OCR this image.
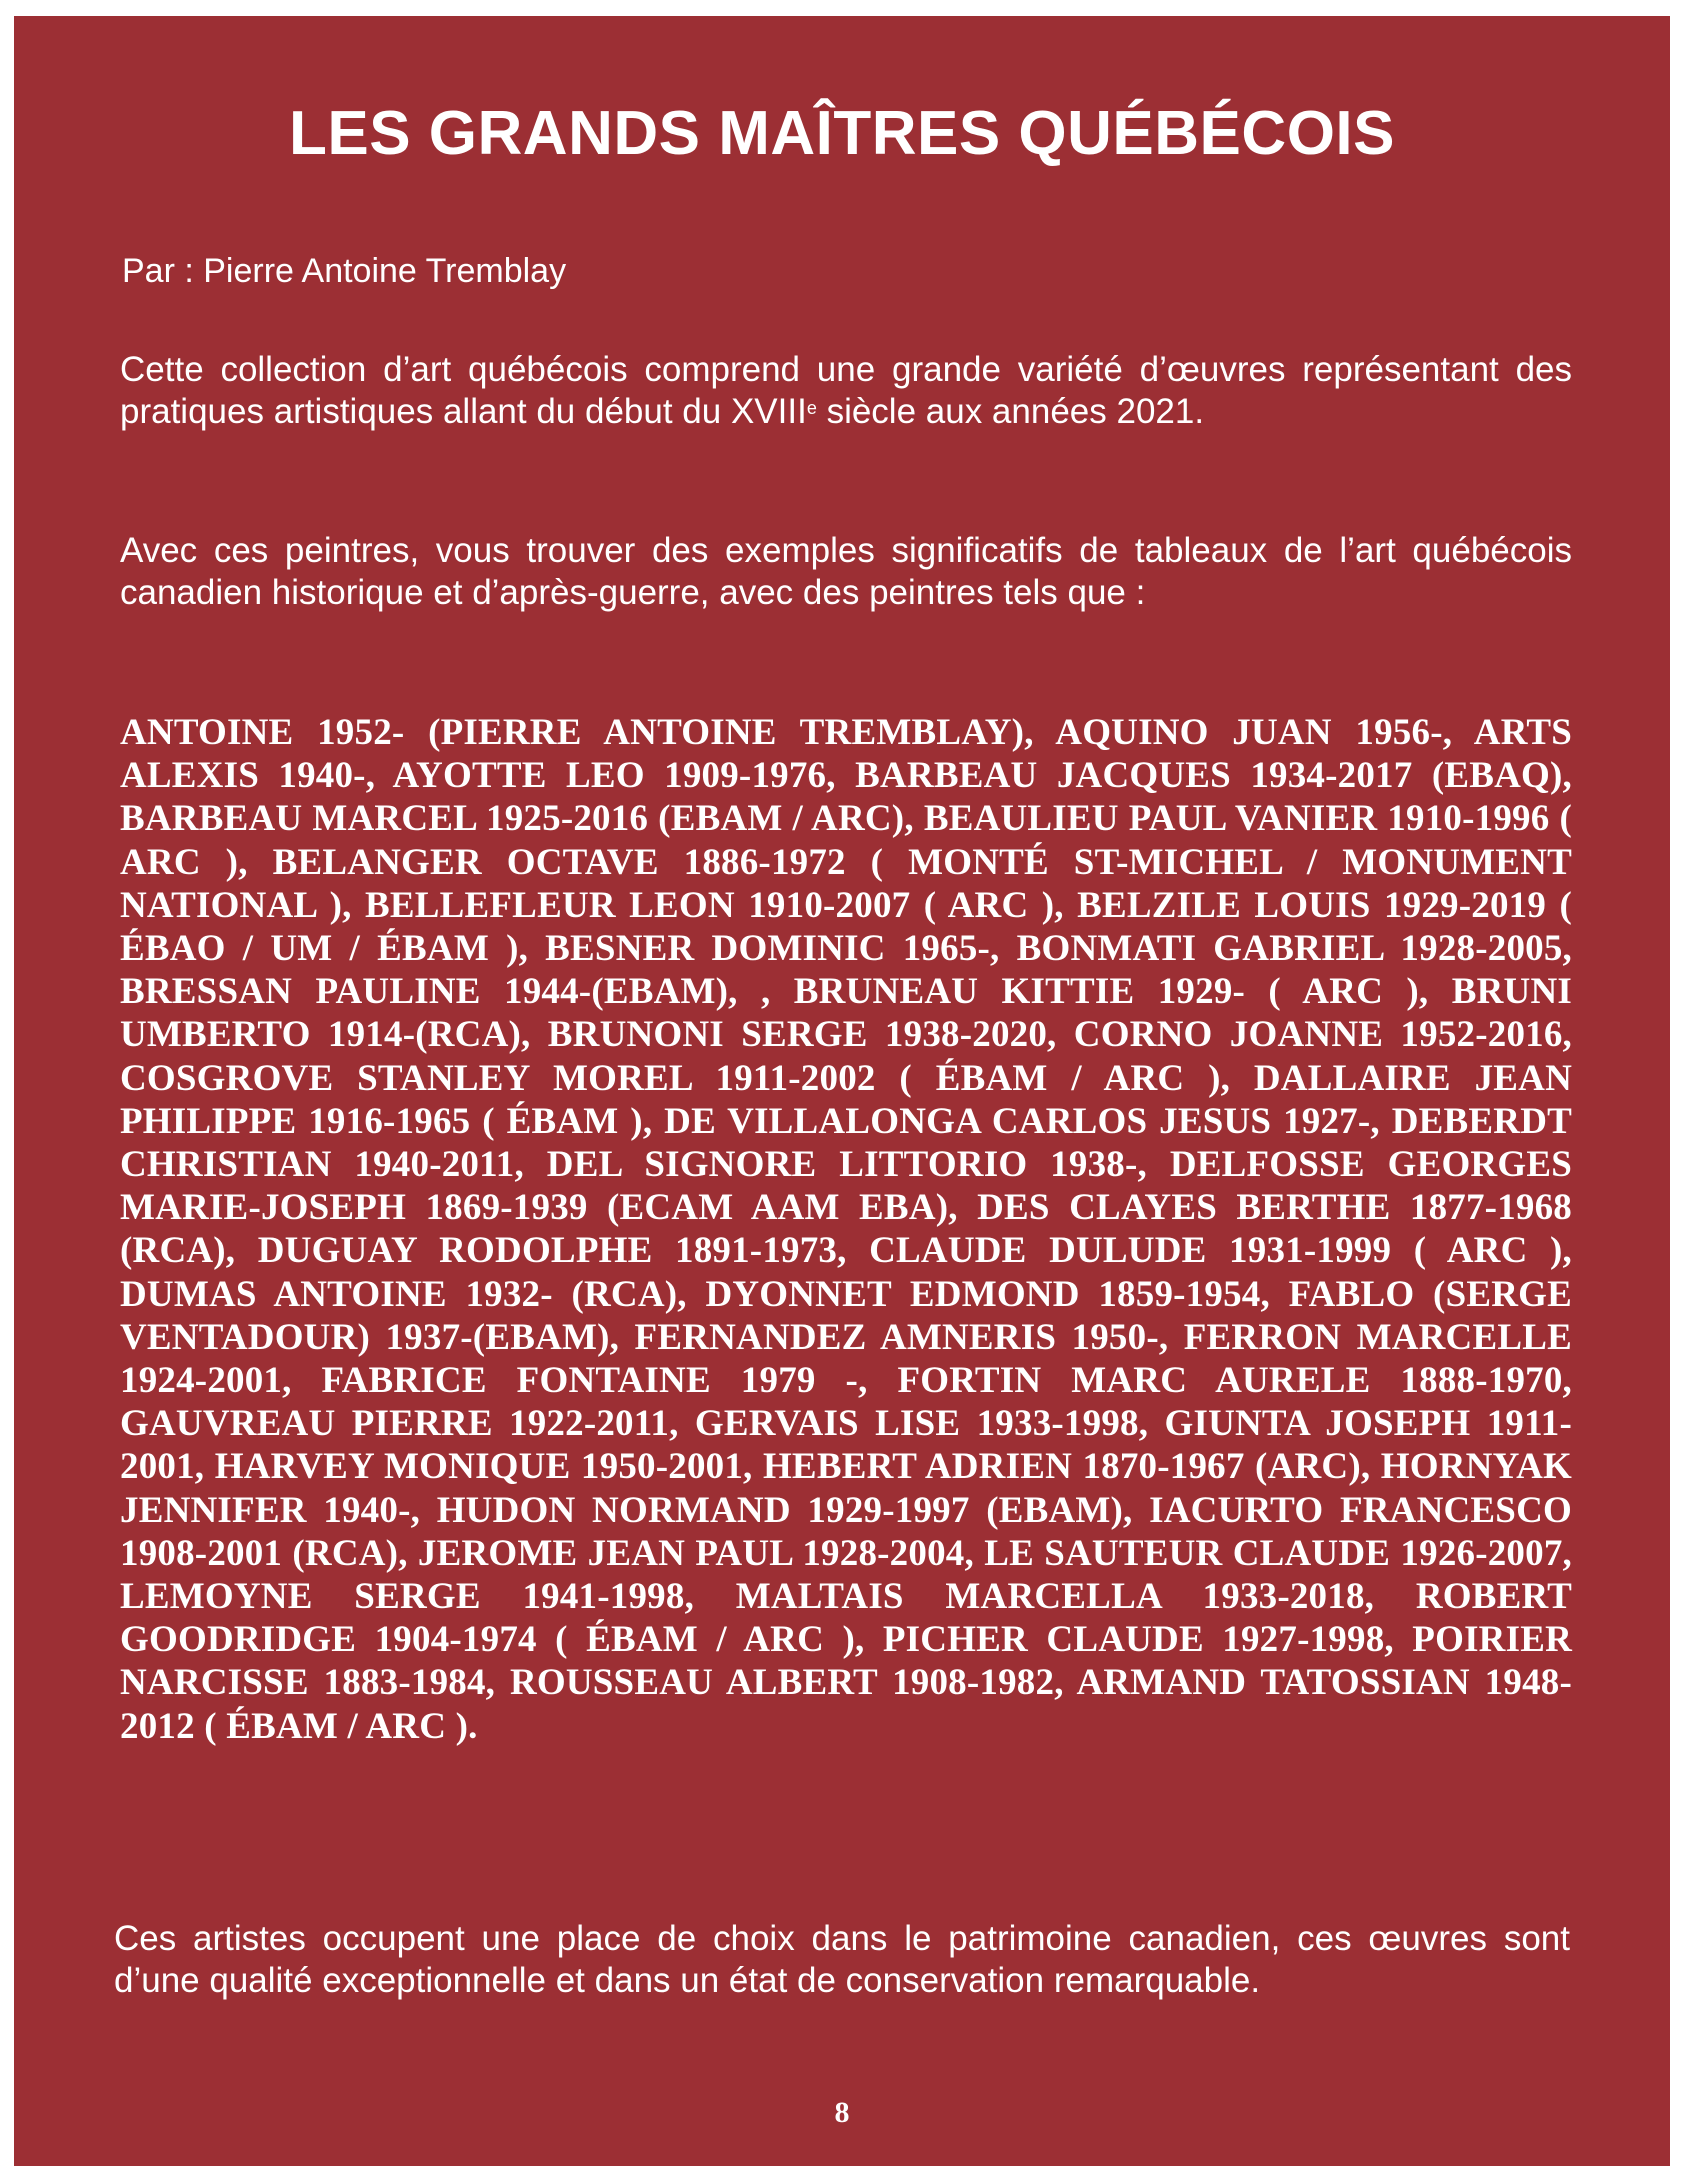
LES GRANDS MAÎTRES QUÉBÉCOIS
Par : Pierre Antoine Tremblay

Cette collection d’art québécois comprend une grande variété d’œuvres représentant des pratiques artistiques allant du début du XVIIIe siècle aux années 2021.

Avec ces peintres, vous trouver des exemples significatifs de tableaux de l’art québécois canadien historique et d’après-guerre, avec des peintres tels que :

ANTOINE 1952- (PIERRE ANTOINE TREMBLAY), AQUINO JUAN 1956-, ARTS ALEXIS 1940-, AYOTTE LEO 1909-1976, BARBEAU JACQUES 1934-2017 (EBAQ), BARBEAU MARCEL 1925-2016 (EBAM / ARC), BEAULIEU PAUL VANIER 1910-1996 ( ARC ), BELANGER OCTAVE 1886-1972 ( MONTÉ ST-MICHEL / MONUMENT NATIONAL ), BELLEFLEUR LEON 1910-2007 ( ARC ), BELZILE LOUIS 1929-2019 ( ÉBAO / UM / ÉBAM ), BESNER DOMINIC 1965-, BONMATI GABRIEL 1928-2005, BRESSAN PAULINE 1944-(EBAM), , BRUNEAU KITTIE 1929- ( ARC ), BRUNI UMBERTO 1914-(RCA), BRUNONI SERGE 1938-2020, CORNO JOANNE 1952-2016, COSGROVE STANLEY MOREL 1911-2002 ( ÉBAM / ARC ), DALLAIRE JEAN PHILIPPE 1916-1965 ( ÉBAM ), DE VILLALONGA CARLOS JESUS 1927-, DEBERDT CHRISTIAN 1940-2011, DEL SIGNORE LITTORIO 1938-, DELFOSSE GEORGES MARIE-JOSEPH 1869-1939 (ECAM AAM EBA), DES CLAYES BERTHE 1877-1968 (RCA), DUGUAY RODOLPHE 1891-1973, CLAUDE DULUDE 1931-1999 ( ARC ), DUMAS ANTOINE 1932- (RCA), DYONNET EDMOND 1859-1954, FABLO (SERGE VENTADOUR) 1937-(EBAM), FERNANDEZ AMNERIS 1950-, FERRON MARCELLE 1924-2001, FABRICE FONTAINE 1979 -, FORTIN MARC AURELE 1888-1970, GAUVREAU PIERRE 1922-2011, GERVAIS LISE 1933-1998, GIUNTA JOSEPH 1911-2001, HARVEY MONIQUE 1950-2001, HEBERT ADRIEN 1870-1967 (ARC), HORNYAK JENNIFER 1940-, HUDON NORMAND 1929-1997 (EBAM), IACURTO FRANCESCO 1908-2001 (RCA), JEROME JEAN PAUL 1928-2004, LE SAUTEUR CLAUDE 1926-2007, LEMOYNE SERGE 1941-1998, MALTAIS MARCELLA 1933-2018, ROBERT GOODRIDGE 1904-1974 ( ÉBAM / ARC ), PICHER CLAUDE 1927-1998, POIRIER NARCISSE 1883-1984, ROUSSEAU ALBERT 1908-1982, ARMAND TATOSSIAN 1948-2012 ( ÉBAM / ARC ).

Ces artistes occupent une place de choix dans le patrimoine canadien, ces œuvres sont d’une qualité exceptionnelle et dans un état de conservation remarquable.

8
